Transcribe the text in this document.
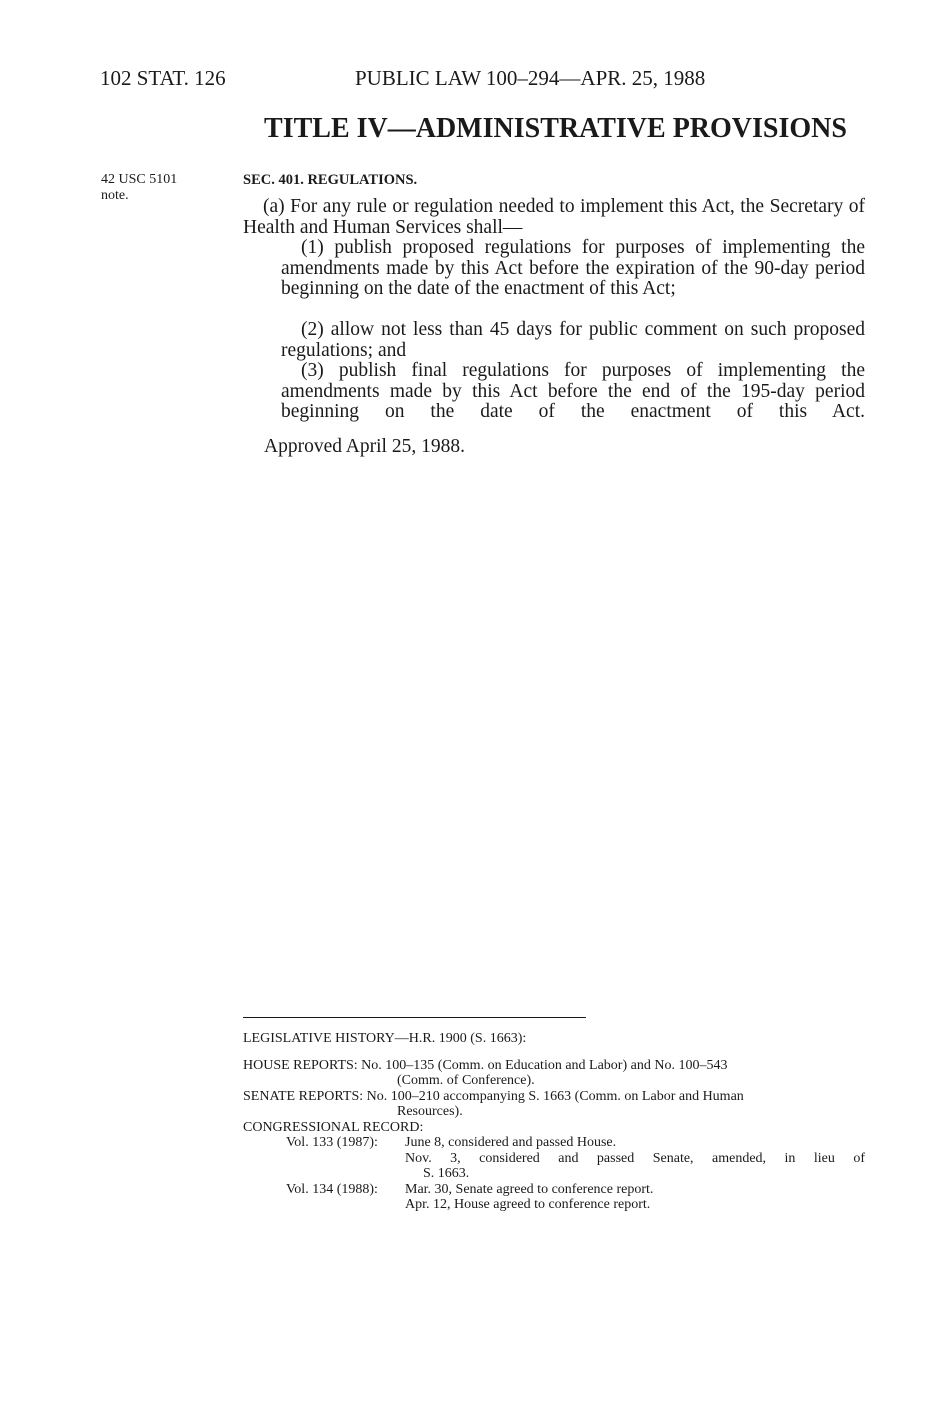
102 STAT. 126	PUBLIC LAW 100–294—APR. 25, 1988
TITLE IV—ADMINISTRATIVE PROVISIONS
42 USC 5101
note.
SEC. 401. REGULATIONS.
(a) For any rule or regulation needed to implement this Act, the Secretary of Health and Human Services shall—
(1) publish proposed regulations for purposes of implementing the amendments made by this Act before the expiration of the 90-day period beginning on the date of the enactment of this Act;
(2) allow not less than 45 days for public comment on such proposed regulations; and
(3) publish final regulations for purposes of implementing the amendments made by this Act before the end of the 195-day period beginning on the date of the enactment of this Act.
Approved April 25, 1988.
LEGISLATIVE HISTORY—H.R. 1900 (S. 1663):
HOUSE REPORTS: No. 100–135 (Comm. on Education and Labor) and No. 100–543
(Comm. of Conference).
SENATE REPORTS: No. 100–210 accompanying S. 1663 (Comm. on Labor and Human
Resources).
CONGRESSIONAL RECORD:
Vol. 133 (1987): June 8, considered and passed House.
Nov. 3, considered and passed Senate, amended, in lieu of
S. 1663.
Vol. 134 (1988): Mar. 30, Senate agreed to conference report.
Apr. 12, House agreed to conference report.
